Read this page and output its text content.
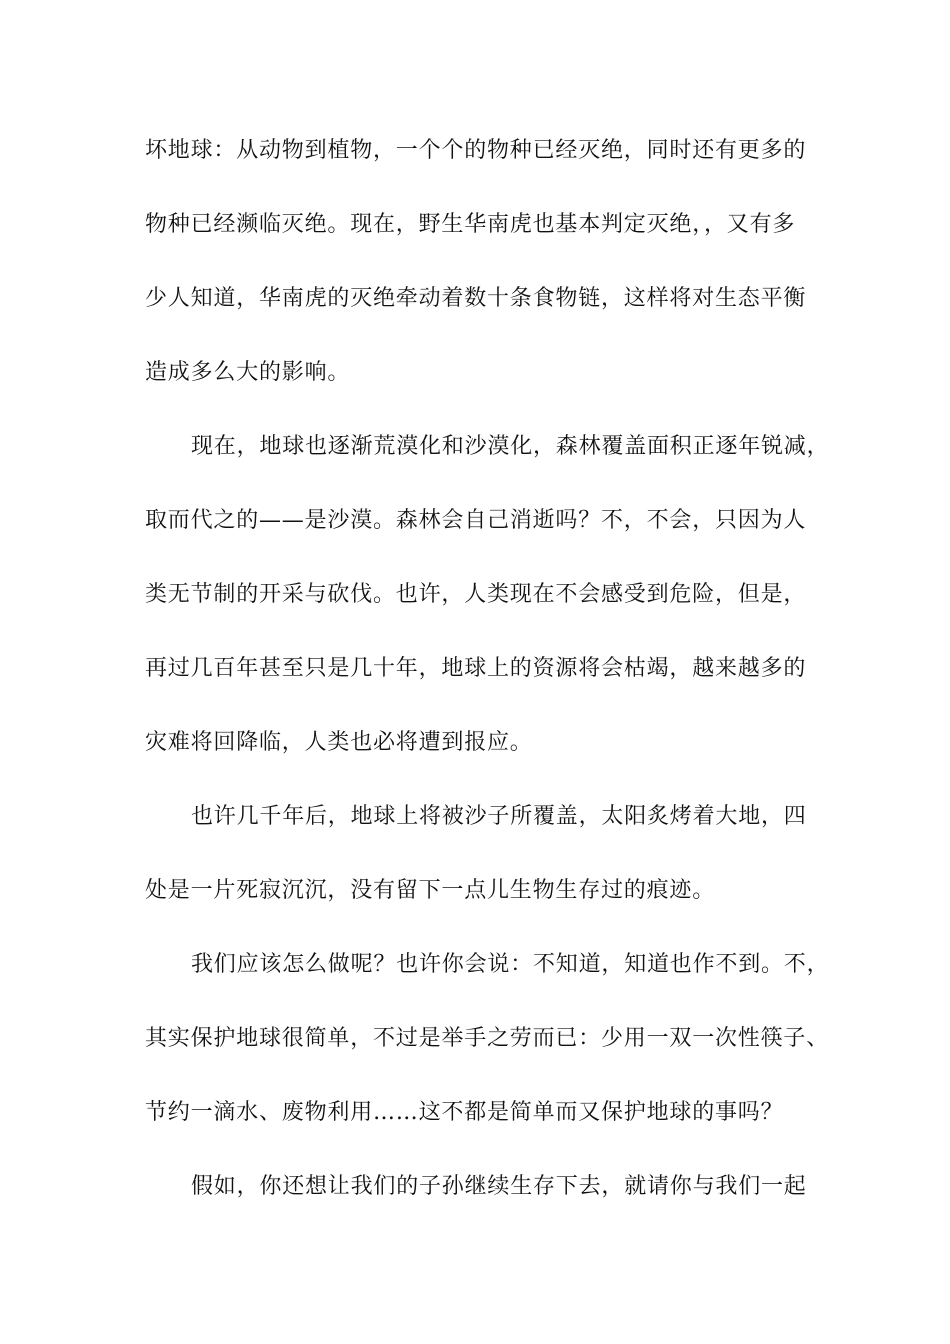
坏地球：从动物到植物，一个个的物种已经灭绝，同时还有更多的
物种已经濒临灭绝。现在，野生华南虎也基本判定灭绝，，又有多
少人知道，华南虎的灭绝牵动着数十条食物链，这样将对生态平衡
造成多么大的影响。
现在，地球也逐渐荒漠化和沙漠化，森林覆盖面积正逐年锐减，
取而代之的——是沙漠。森林会自己消逝吗？不，不会，只因为人
类无节制的开采与砍伐。也许，人类现在不会感受到危险，但是，
再过几百年甚至只是几十年，地球上的资源将会枯竭，越来越多的
灾难将回降临，人类也必将遭到报应。
也许几千年后，地球上将被沙子所覆盖，太阳炙烤着大地，四
处是一片死寂沉沉，没有留下一点儿生物生存过的痕迹。
我们应该怎么做呢？也许你会说：不知道，知道也作不到。不，
其实保护地球很简单，不过是举手之劳而已：少用一双一次性筷子、
节约一滴水、废物利用……这不都是简单而又保护地球的事吗？
假如，你还想让我们的子孙继续生存下去，就请你与我们一起
